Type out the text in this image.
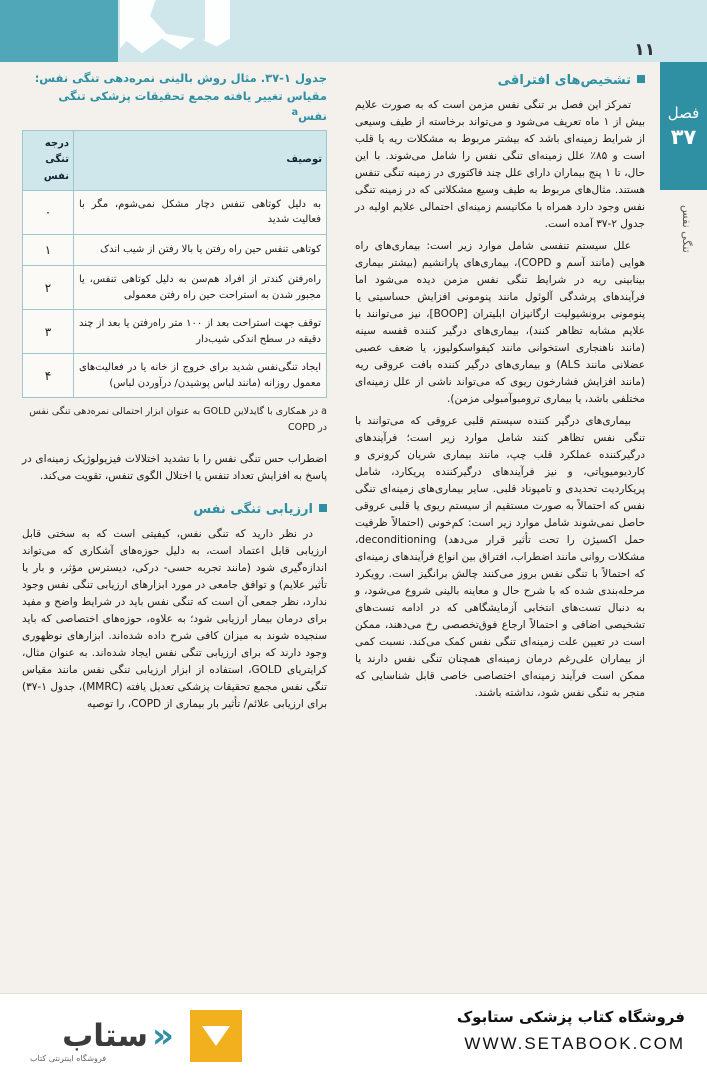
فصل
۳۷
تنگی نفس
۱۱
تشخیص‌های افتراقی

تمرکز این فصل بر تنگی نفس مزمن است که به صورت علایم بیش از ۱ ماه تعریف می‌شود و می‌تواند برخاسته از طیف وسیعی از شرایط زمینه‌ای باشد که بیشتر مربوط به مشکلات ریه یا قلب است و ۸۵٪ علل زمینه‌ای تنگی نفس را شامل می‌شوند. با این حال، تا ۱ پنج بیماران دارای علل چند فاکتوری در زمینه تنگی تنفس هستند. مثال‌های مربوط به طیف وسیع مشکلاتی که در زمینه تنگی نفس وجود دارد همراه با مکانیسم زمینه‌ای احتمالی علایم اولیه در جدول ۲-۳۷ آمده است.

علل سیستم تنفسی شامل موارد زیر است: بیماری‌های راه هوایی (مانند آسم و COPD)، بیماری‌های پارانشیم (بیشتر بیماری بینابینی ریه در شرایط تنگی نفس مزمن دیده می‌شود اما فرآیندهای پرشدگی آلوئول مانند پنومونی افزایش حساسیتی یا پنومونی برونشیولیت ارگانیزان ابلیتران [BOOP]، نیز می‌توانند با علایم مشابه تظاهر کنند)، بیماری‌های درگیر کننده قفسه سینه (مانند ناهنجاری استخوانی مانند کیفواسکولیوز، یا ضعف عصبی عضلانی مانند ALS) و بیماری‌های درگیر کننده بافت عروقی ریه (مانند افزایش فشارخون ریوی که می‌تواند ناشی از علل زمینه‌ای مختلفی باشد، یا بیماری ترومبوآمبولی مزمن).

بیماری‌های درگیر کننده سیستم قلبی عروقی که می‌توانند با تنگی نفس تظاهر کنند شامل موارد زیر است؛ فرآیندهای درگیرکننده عملکرد قلب چپ، مانند بیماری شریان کرونری و کاردیومیوپاتی، و نیز فرآیندهای درگیرکننده پریکارد، شامل پریکاردیت تحدیدی و تامپوناد قلبی. سایر بیماری‌های زمینه‌ای تنگی نفس که احتمالاً به صورت مستقیم از سیستم ریوی یا قلبی عروقی حاصل نمی‌شوند شامل موارد زیر است: کم‌خونی (احتمالاً ظرفیت حمل اکسیژن را تحت تأثیر قرار می‌دهد) deconditioning، مشکلات روانی مانند اضطراب، افتراق بین انواع فرآیندهای زمینه‌ای که احتمالاً با تنگی نفس بروز می‌کنند چالش برانگیز است. رویکرد مرحله‌بندی شده که با شرح حال و معاینه بالینی شروع می‌شود، و به دنبال تست‌های انتخابی آزمایشگاهی که در ادامه تست‌های تشخیصی اضافی و احتمالاً ارجاع فوق‌تخصصی رخ می‌دهند، ممکن است در تعیین علت زمینه‌ای تنگی نفس کمک می‌کند. نسبت کمی از بیماران علی‌رغم درمان زمینه‌ای همچنان تنگی نفس دارند یا ممکن است فرآیند زمینه‌ای اختصاصی خاصی قابل شناسایی که منجر به تنگی نفس شود، نداشته باشند.

جدول ۱-۳۷. مثال روش بالینی نمره‌دهی تنگی نفس: مقیاس تغییر یافته مجمع تحقیقات پزشکی تنگی نفس$^a$
توصیف	درجه تنگی نفس
به دلیل کوتاهی تنفس دچار مشکل نمی‌شوم، مگر با فعالیت شدید	۰
کوتاهی تنفس حین راه رفتن یا بالا رفتن از شیب اندک	۱
راه‌رفتن کندتر از افراد هم‌سن به دلیل کوتاهی تنفس، یا مجبور شدن به استراحت حین راه رفتن معمولی	۲
توقف جهت استراحت بعد از ۱۰۰ متر راه‌رفتن یا بعد از چند دقیقه در سطح اندکی شیب‌دار	۳
ایجاد تنگی‌نفس شدید برای خروج از خانه یا در فعالیت‌های معمول روزانه (مانند لباس پوشیدن/ درآوردن لباس)	۴
a در همکاری با گایدلاین GOLD به عنوان ابزار احتمالی نمره‌دهی تنگی نفس در COPD

اضطراب حس تنگی نفس را با تشدید اختلالات فیزیولوژیک زمینه‌ای در پاسخ به افزایش تعداد تنفس یا اختلال الگوی تنفس، تقویت می‌کند.

ارزیابی تنگی نفس

در نظر دارید که تنگی نفس، کیفیتی است که به سختی قابل ارزیابی قابل اعتماد است، به دلیل حوزه‌های آشکاری که می‌تواند اندازه‌گیری شود (مانند تجربه حسی- درکی، دیسترس مؤثر، و بار یا تأثیر علایم) و توافق جامعی در مورد ابزارهای ارزیابی تنگی نفس وجود ندارد، نظر جمعی آن است که تنگی نفس باید در شرایط واضح و مفید برای درمان بیمار ارزیابی شود؛ به علاوه، حوزه‌های اختصاصی که باید سنجیده شوند به میزان کافی شرح داده شده‌اند. ابزارهای نوظهوری وجود دارند که برای ارزیابی تنگی نفس ایجاد شده‌اند. به عنوان مثال، کرایتریای GOLD، استفاده از ابزار ارزیابی تنگی نفس مانند مقیاس تنگی نفس مجمع تحقیقات پزشکی تعدیل یافته (MMRC)، جدول ۱-۳۷) برای ارزیابی علائم/ تأثیر بار بیماری از COPD، را توصیه

«
ستاب
فروشگاه اینترنتی کتاب
فروشگاه کتاب پزشکی ستابوک
WWW.SETABOOK.COM
